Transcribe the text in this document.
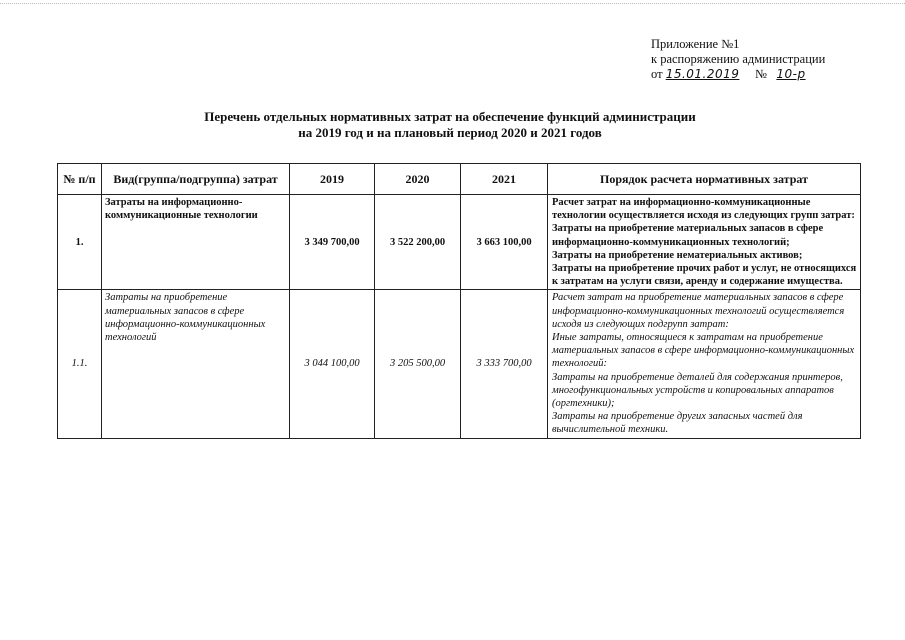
Приложение №1
к распоряжению администрации
от 15.01.2019 № 10-р
Перечень отдельных нормативных затрат на обеспечение функций администрации
на 2019 год и на плановый период 2020 и 2021 годов
№ п/п	Вид(группа/подгруппа) затрат	2019	2020	2021	Порядок расчета нормативных затрат
1.	Затраты на информационно-коммуникационные технологии	3 349 700,00	3 522 200,00	3 663 100,00	Расчет затрат на информационно-коммуникационные технологии осуществляется исходя из следующих групп затрат:
Затраты на приобретение материальных запасов в сфере информационно-коммуникационных технологий;
Затраты на приобретение нематериальных активов;
Затраты на приобретение прочих работ и услуг, не относящихся к затратам на услуги связи, аренду и содержание имущества.

1.1.	Затраты на приобретение материальных запасов в сфере информационно-коммуникационных технологий	3 044 100,00	3 205 500,00	3 333 700,00	Расчет затрат на приобретение материальных запасов в сфере информационно-коммуникационных технологий осуществляется исходя из следующих подгрупп затрат:
Иные затраты, относящиеся к затратам на приобретение материальных запасов в сфере информационно-коммуникационных технологий:
Затраты на приобретение деталей для содержания принтеров, многофункциональных устройств и копировальных аппаратов (оргтехники);
Затраты на приобретение других запасных частей для вычислительной техники.
